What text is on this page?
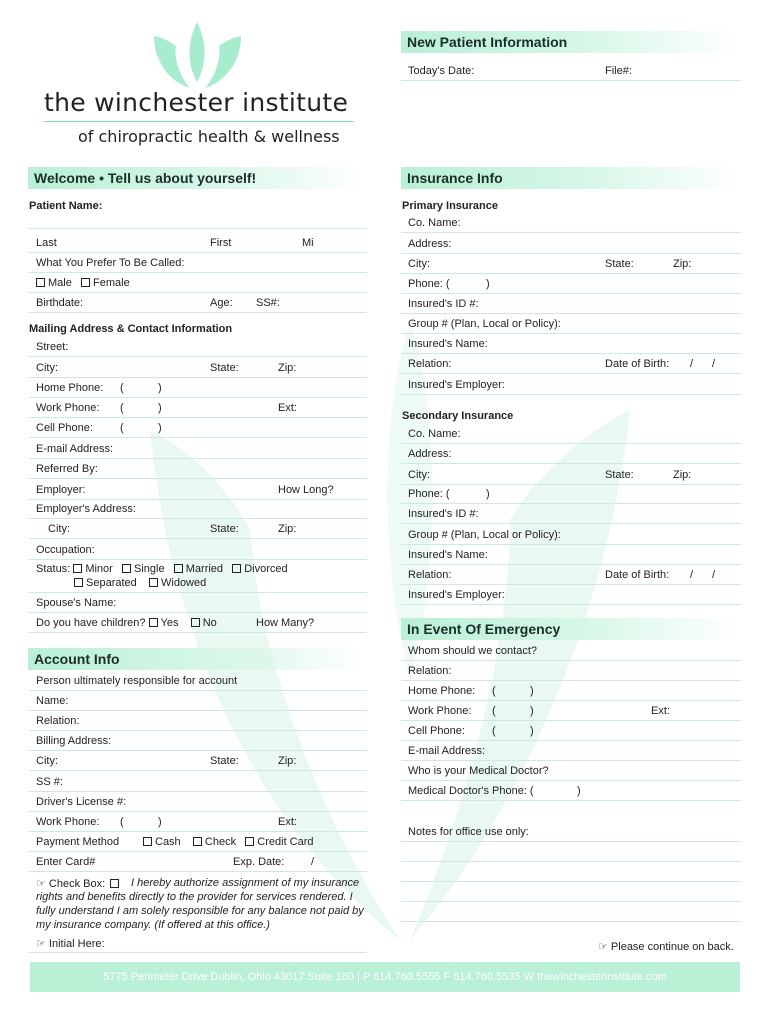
the winchester institute
of chiropractic health & wellness
New Patient Information
Today's Date:	File#:
Welcome • Tell us about yourself!
Patient Name:
Last	First	Mi
What You Prefer To Be Called:
Male Female
Birthdate:	Age: SS#:
Mailing Address & Contact Information
Street:
City:	State:	Zip:
Home Phone: (	)
Work Phone: (	)	Ext:
Cell Phone: (	)
E-mail Address:
Referred By:
Employer:	How Long?
Employer's Address:
City:	State:	Zip:
Occupation:
Status: Minor Single Married Divorced
Separated Widowed
Spouse's Name:
Do you have children? Yes No	How Many?
Account Info
Person ultimately responsible for account
Name:
Relation:
Billing Address:
City:	State:	Zip:
SS #:
Driver's License #:
Work Phone: (	)	Ext:
Payment Method	Cash Check Credit Card
Enter Card#	Exp. Date: /
☞ Check Box:	I hereby authorize assignment of my insurance rights and benefits directly to the provider for services rendered. I fully understand I am solely responsible for any balance not paid by my insurance company. (If offered at this office.)
☞ Initial Here:
Insurance Info
Primary Insurance
Co. Name:
Address:
City:	State:	Zip:
Phone: (	)
Insured's ID #:
Group # (Plan, Local or Policy):
Insured's Name:
Relation:	Date of Birth: / /
Insured's Employer:
Secondary Insurance
Co. Name:
Address:
City:	State:	Zip:
Phone: (	)
Insured's ID #:
Group # (Plan, Local or Policy):
Insured's Name:
Relation:	Date of Birth: / /
Insured's Employer:
In Event Of Emergency
Whom should we contact?
Relation:
Home Phone: (	)
Work Phone: (	)	Ext:
Cell Phone: (	)
E-mail Address:
Who is your Medical Doctor?
Medical Doctor's Phone: (	)
Notes for office use only:
☞ Please continue on back.
5775 Perimeter Drive Dublin, Ohio 43017 Suite 160 | P 614.760.5555 F 614.760.5535 W thewinchesterinstitute.com
